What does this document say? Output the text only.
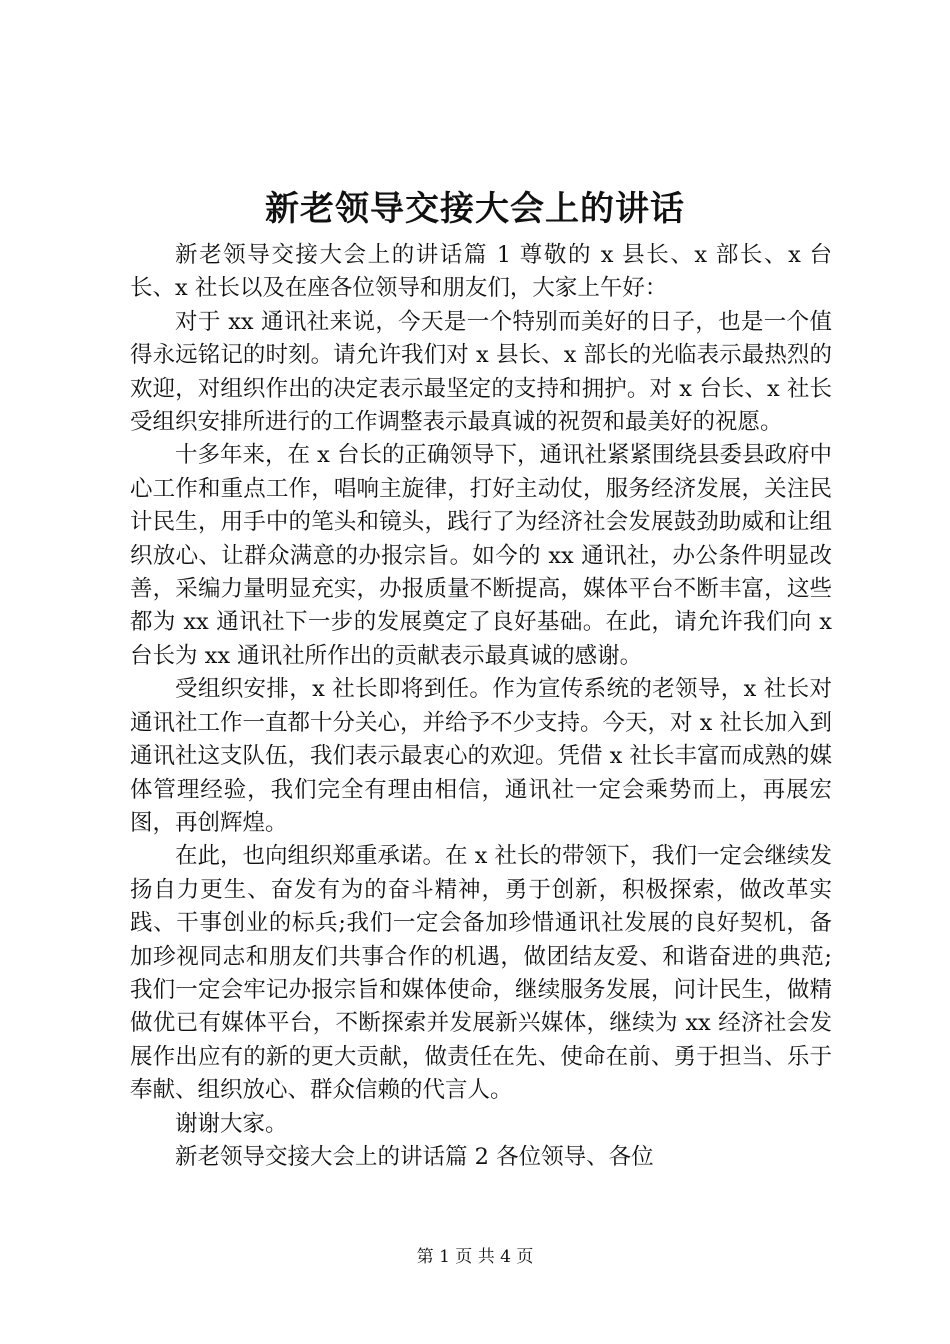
新老领导交接大会上的讲话

新老领导交接大会上的讲话篇 1 尊敬的 x 县长、x 部长、x 台长、x 社长以及在座各位领导和朋友们，大家上午好：

对于 xx 通讯社来说，今天是一个特别而美好的日子，也是一个值得永远铭记的时刻。请允许我们对 x 县长、x 部长的光临表示最热烈的欢迎，对组织作出的决定表示最坚定的支持和拥护。对 x 台长、x 社长受组织安排所进行的工作调整表示最真诚的祝贺和最美好的祝愿。

十多年来，在 x 台长的正确领导下，通讯社紧紧围绕县委县政府中心工作和重点工作，唱响主旋律，打好主动仗，服务经济发展，关注民计民生，用手中的笔头和镜头，践行了为经济社会发展鼓劲助威和让组织放心、让群众满意的办报宗旨。如今的 xx 通讯社，办公条件明显改善，采编力量明显充实，办报质量不断提高，媒体平台不断丰富，这些都为 xx 通讯社下一步的发展奠定了良好基础。在此，请允许我们向 x 台长为 xx 通讯社所作出的贡献表示最真诚的感谢。

受组织安排，x 社长即将到任。作为宣传系统的老领导，x 社长对通讯社工作一直都十分关心，并给予不少支持。今天，对 x 社长加入到通讯社这支队伍，我们表示最衷心的欢迎。凭借 x 社长丰富而成熟的媒体管理经验，我们完全有理由相信，通讯社一定会乘势而上，再展宏图，再创辉煌。

在此，也向组织郑重承诺。在 x 社长的带领下，我们一定会继续发扬自力更生、奋发有为的奋斗精神，勇于创新，积极探索，做改革实践、干事创业的标兵;我们一定会备加珍惜通讯社发展的良好契机，备加珍视同志和朋友们共事合作的机遇，做团结友爱、和谐奋进的典范;我们一定会牢记办报宗旨和媒体使命，继续服务发展，问计民生，做精做优已有媒体平台，不断探索并发展新兴媒体，继续为 xx 经济社会发展作出应有的新的更大贡献，做责任在先、使命在前、勇于担当、乐于奉献、组织放心、群众信赖的代言人。

谢谢大家。

新老领导交接大会上的讲话篇 2 各位领导、各位

第 1 页 共 4 页
